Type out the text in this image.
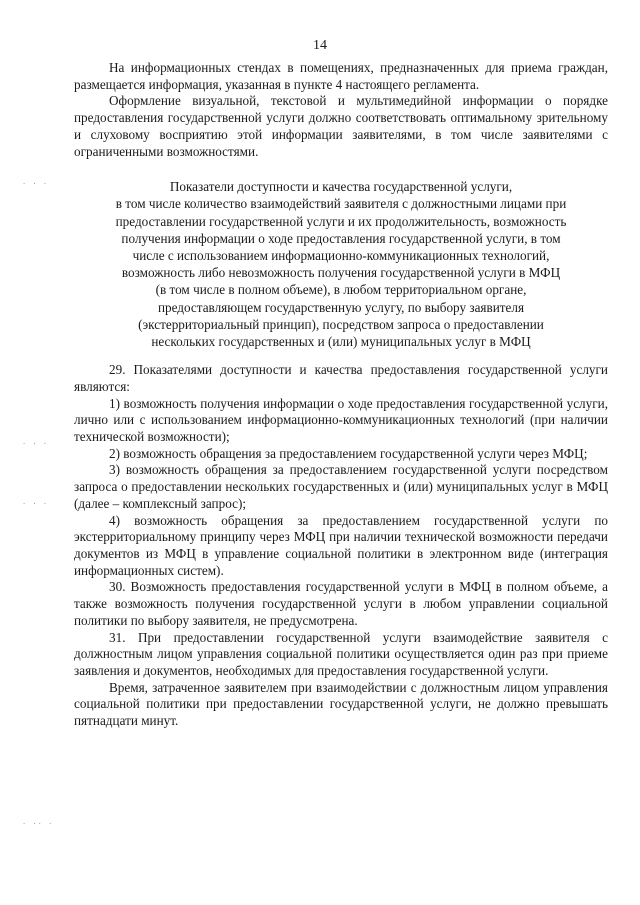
14
· · ·
· · ·
· · ·
· ·· ·

На информационных стендах в помещениях, предназначенных для приема граждан, размещается информация, указанная в пункте 4 настоящего регламента.

Оформление визуальной, текстовой и мультимедийной информации о порядке предоставления государственной услуги должно соответствовать оптимальному зрительному и слуховому восприятию этой информации заявителями, в том числе заявителями с ограниченными возможностями.

Показатели доступности и качества государственной услуги,
в том числе количество взаимодействий заявителя с должностными лицами при
предоставлении государственной услуги и их продолжительность, возможность
получения информации о ходе предоставления государственной услуги, в том
числе с использованием информационно-коммуникационных технологий,
возможность либо невозможность получения государственной услуги в МФЦ
(в том числе в полном объеме), в любом территориальном органе,
предоставляющем государственную услугу, по выбору заявителя
(экстерриториальный принцип), посредством запроса о предоставлении
нескольких государственных и (или) муниципальных услуг в МФЦ

29. Показателями доступности и качества предоставления государственной услуги являются:

1) возможность получения информации о ходе предоставления государственной услуги, лично или с использованием информационно-коммуникационных технологий (при наличии технической возможности);

2) возможность обращения за предоставлением государственной услуги через МФЦ;

3) возможность обращения за предоставлением государственной услуги посредством запроса о предоставлении нескольких государственных и (или) муниципальных услуг в МФЦ (далее – комплексный запрос);

4) возможность обращения за предоставлением государственной услуги по экстерриториальному принципу через МФЦ при наличии технической возможности передачи документов из МФЦ в управление социальной политики в электронном виде (интеграция информационных систем).

30. Возможность предоставления государственной услуги в МФЦ в полном объеме, а также возможность получения государственной услуги в любом управлении социальной политики по выбору заявителя, не предусмотрена.

31. При предоставлении государственной услуги взаимодействие заявителя с должностным лицом управления социальной политики осуществляется один раз при приеме заявления и документов, необходимых для предоставления государственной услуги.

Время, затраченное заявителем при взаимодействии с должностным лицом управления социальной политики при предоставлении государственной услуги, не должно превышать пятнадцати минут.
